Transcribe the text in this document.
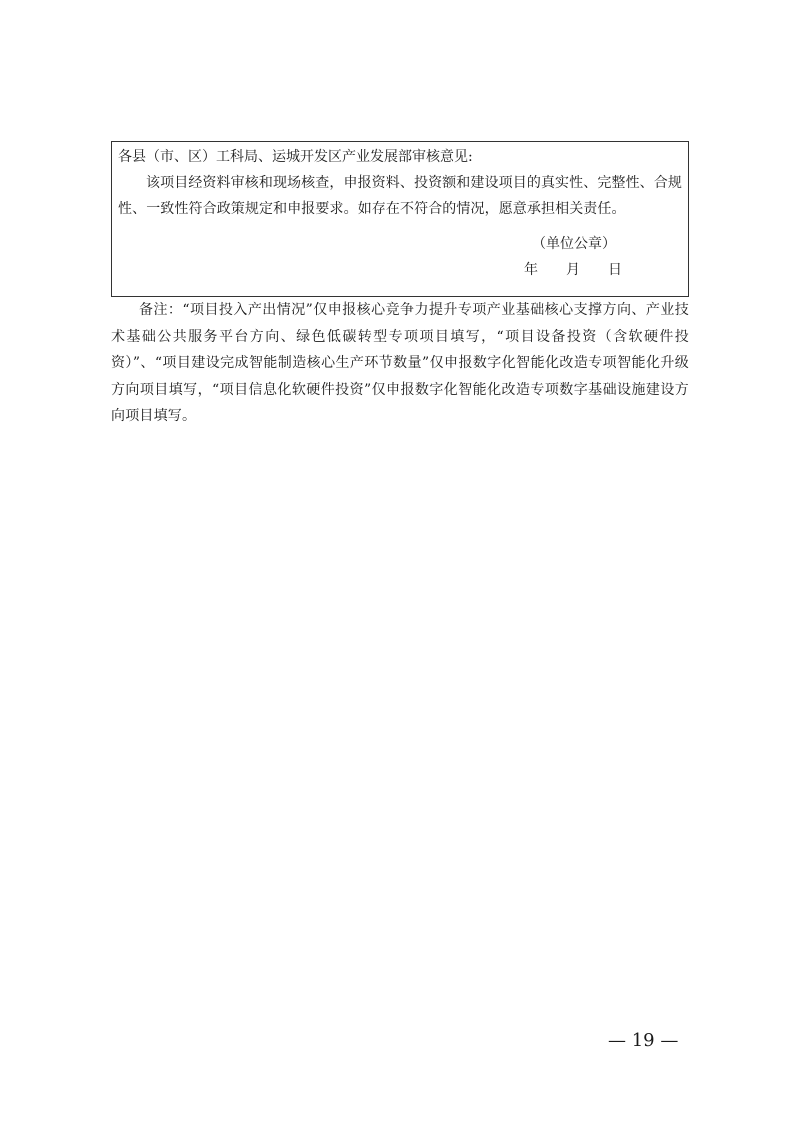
各县（市、区）工科局、运城开发区产业发展部审核意见:
该项目经资料审核和现场核查，申报资料、投资额和建设项目的真实性、完整性、合规性、一致性符合政策规定和申报要求。如存在不符合的情况，愿意承担相关责任。
（单位公章）
年 月 日
备注：“项目投入产出情况”仅申报核心竞争力提升专项产业基础核心支撑方向、产业技术基础公共服务平台方向、绿色低碳转型专项项目填写，“项目设备投资（含软硬件投资）”、“项目建设完成智能制造核心生产环节数量”仅申报数字化智能化改造专项智能化升级方向项目填写，“项目信息化软硬件投资”仅申报数字化智能化改造专项数字基础设施建设方向项目填写。
— 19 —
